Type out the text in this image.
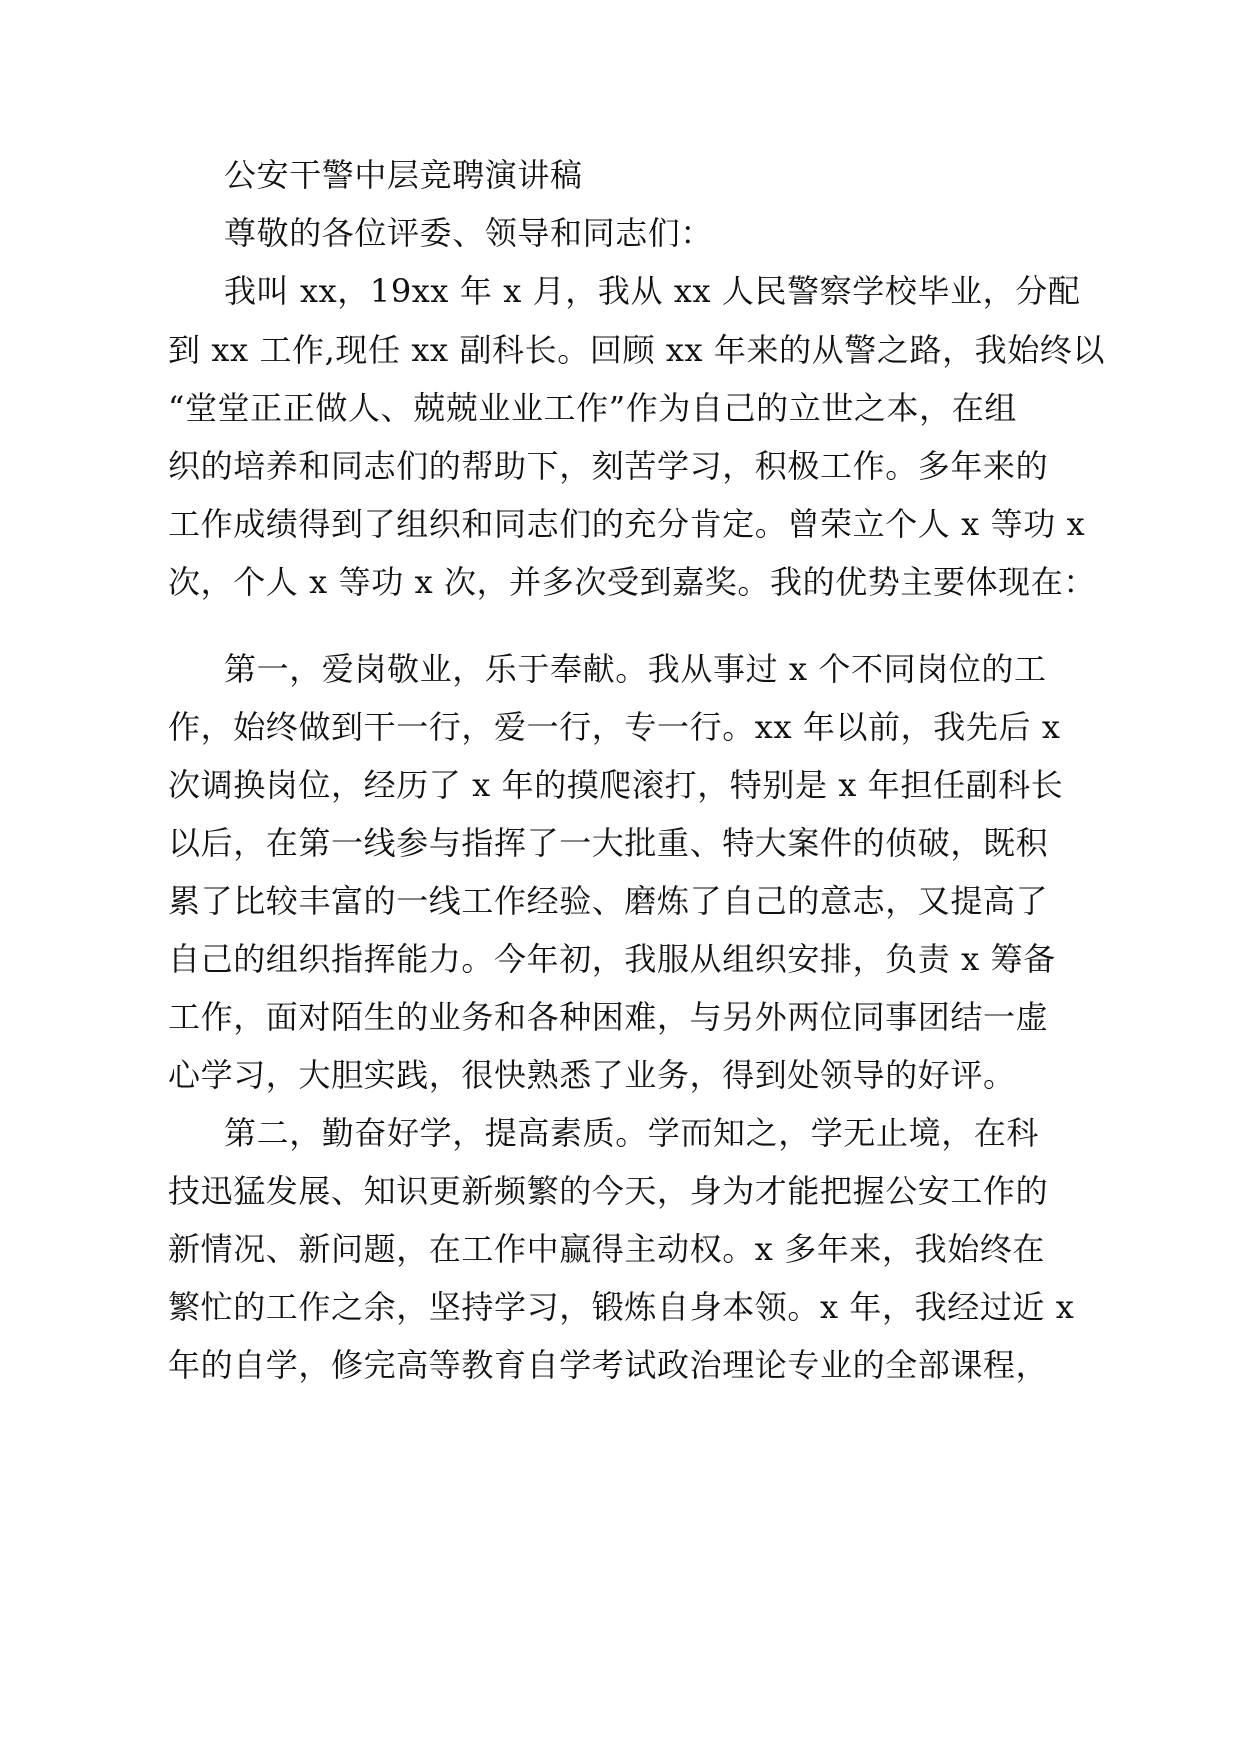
公安干警中层竞聘演讲稿

尊敬的各位评委、领导和同志们：

我叫 xx，19xx 年 x 月，我从 xx 人民警察学校毕业，分配

到 xx 工作,现任 xx 副科长。回顾 xx 年来的从警之路，我始终以

“堂堂正正做人、兢兢业业工作”作为自己的立世之本，在组

织的培养和同志们的帮助下，刻苦学习，积极工作。多年来的

工作成绩得到了组织和同志们的充分肯定。曾荣立个人 x 等功 x

次，个人 x 等功 x 次，并多次受到嘉奖。我的优势主要体现在：

第一，爱岗敬业，乐于奉献。我从事过 x 个不同岗位的工

作，始终做到干一行，爱一行，专一行。xx 年以前，我先后 x

次调换岗位，经历了 x 年的摸爬滚打，特别是 x 年担任副科长

以后，在第一线参与指挥了一大批重、特大案件的侦破，既积

累了比较丰富的一线工作经验、磨炼了自己的意志，又提高了

自己的组织指挥能力。今年初，我服从组织安排，负责 x 筹备

工作，面对陌生的业务和各种困难，与另外两位同事团结一虚

心学习，大胆实践，很快熟悉了业务，得到处领导的好评。

第二，勤奋好学，提高素质。学而知之，学无止境，在科

技迅猛发展、知识更新频繁的今天，身为才能把握公安工作的

新情况、新问题，在工作中赢得主动权。x 多年来，我始终在

繁忙的工作之余，坚持学习，锻炼自身本领。x 年，我经过近 x

年的自学，修完高等教育自学考试政治理论专业的全部课程，
